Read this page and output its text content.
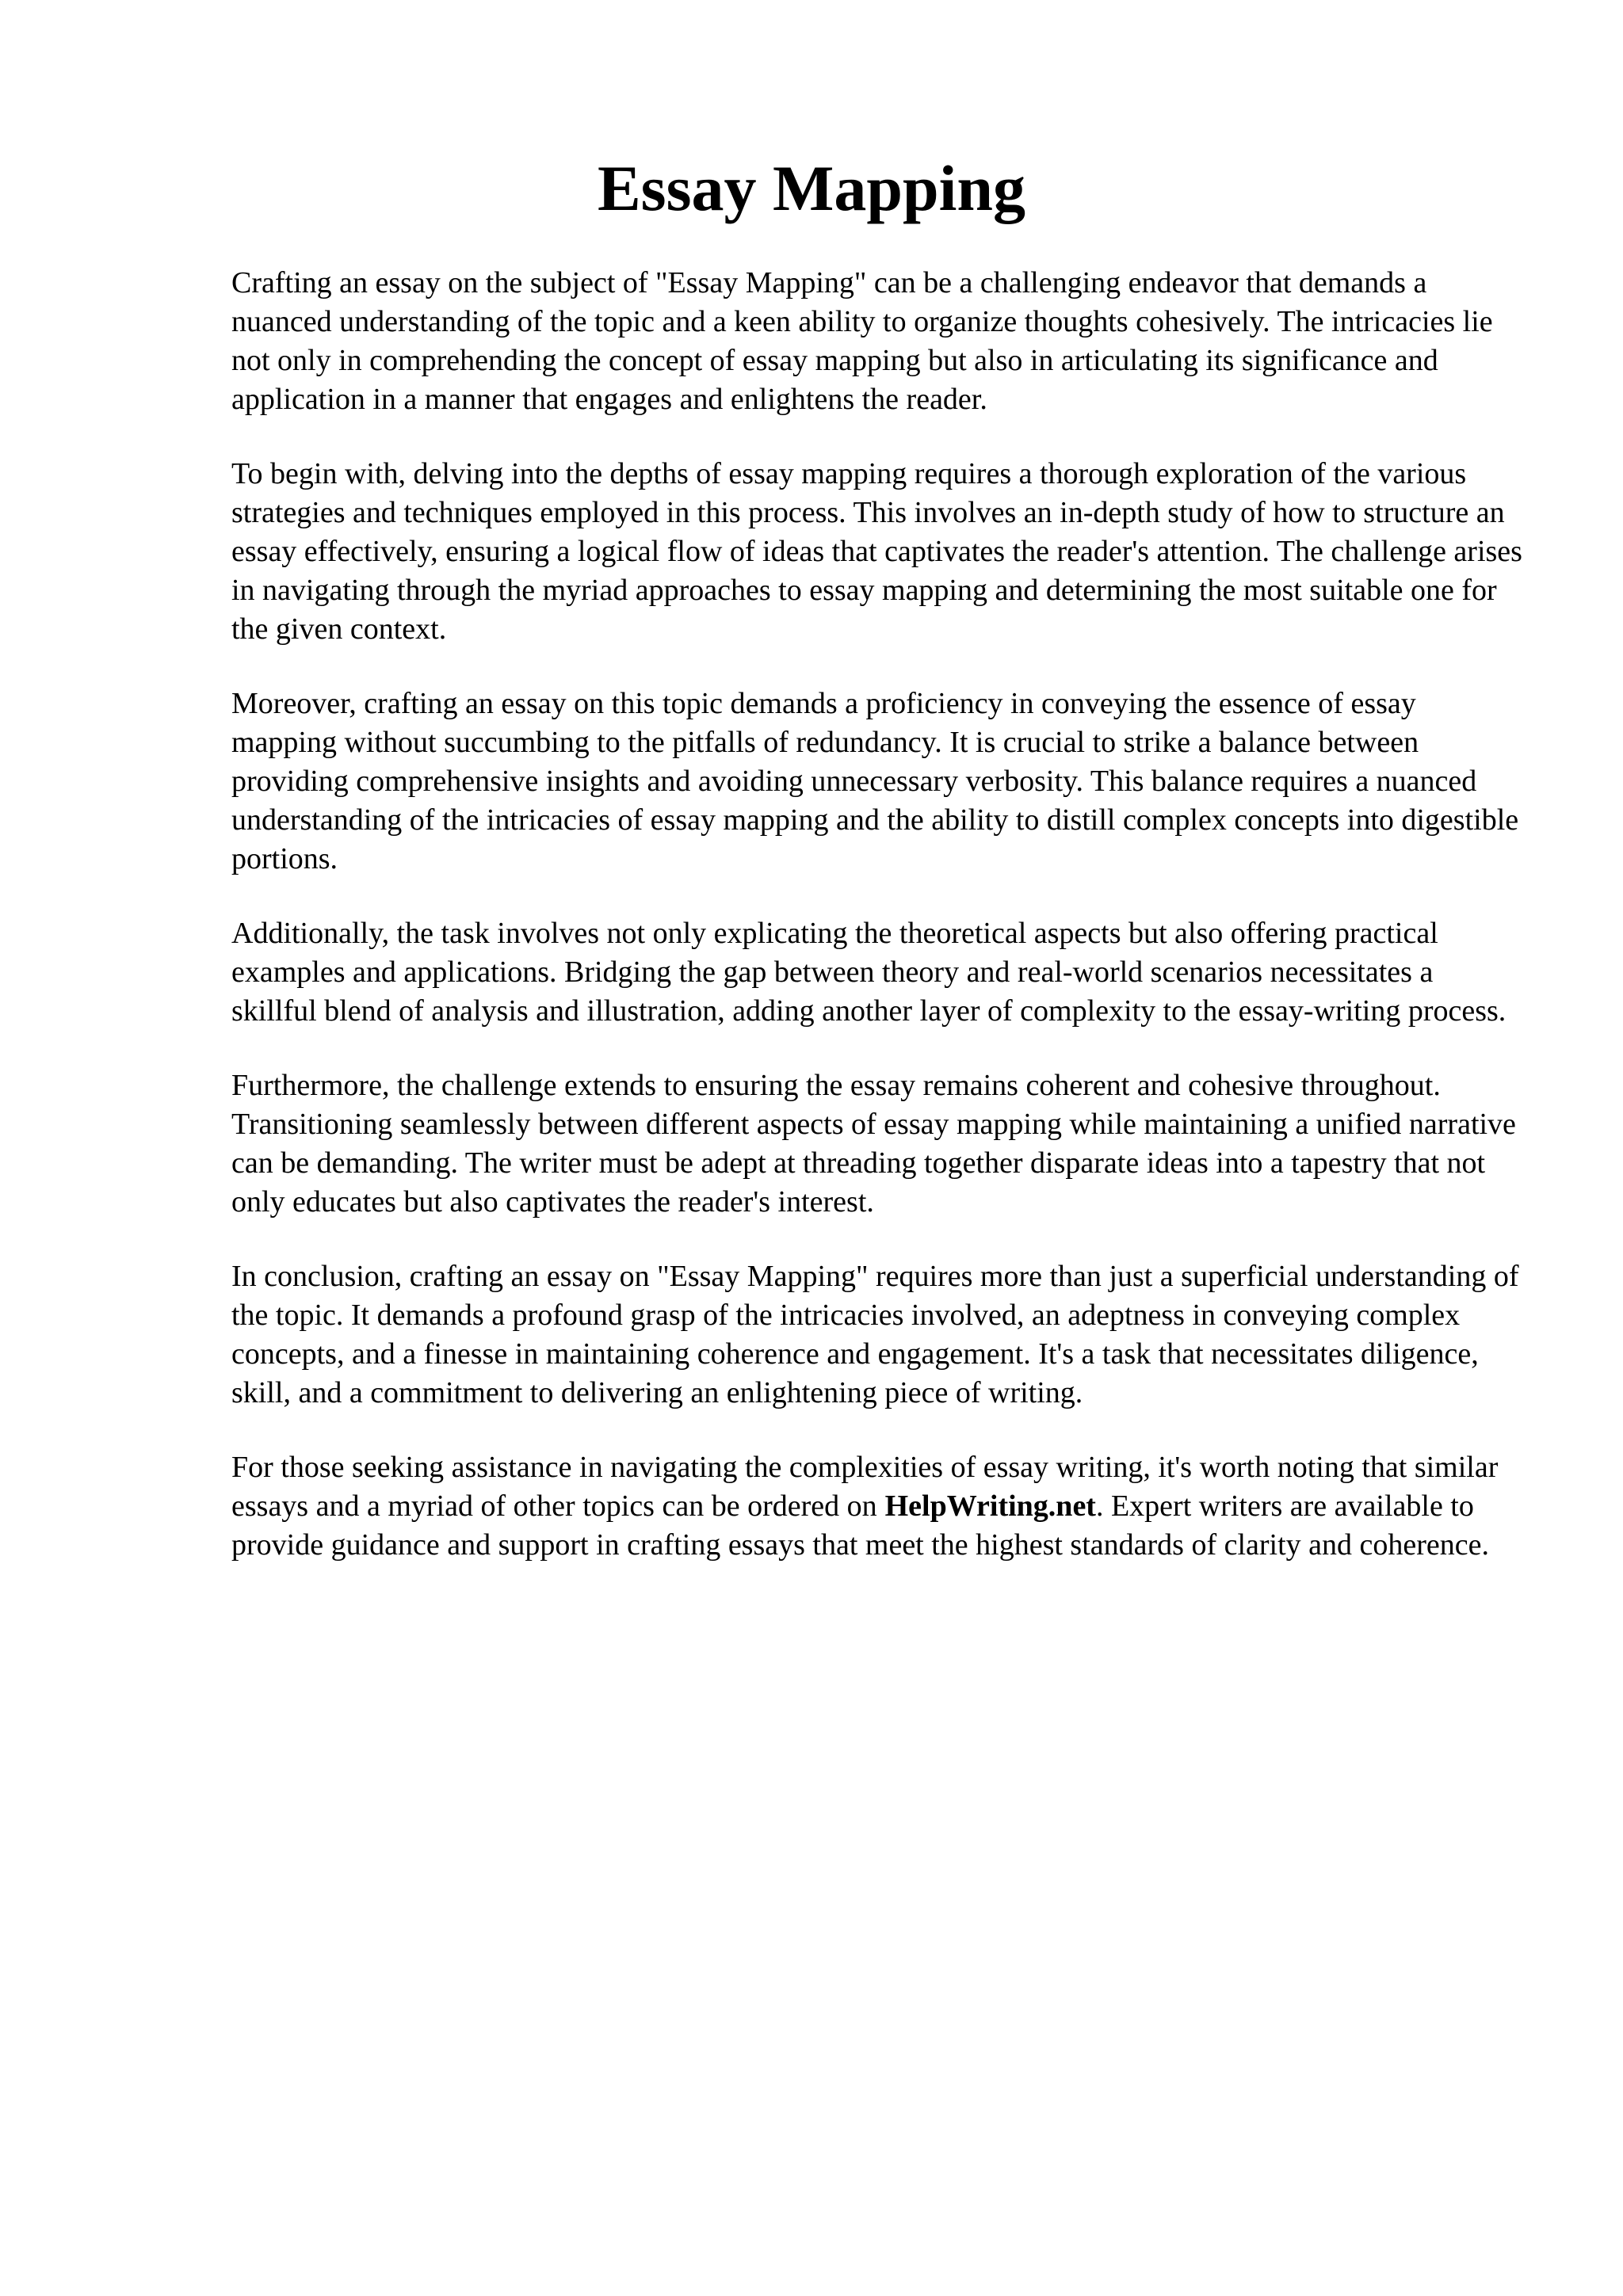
Essay Mapping

Crafting an essay on the subject of "Essay Mapping" can be a challenging endeavor that demands a nuanced understanding of the topic and a keen ability to organize thoughts cohesively. The intricacies lie not only in comprehending the concept of essay mapping but also in articulating its significance and application in a manner that engages and enlightens the reader.

To begin with, delving into the depths of essay mapping requires a thorough exploration of the various strategies and techniques employed in this process. This involves an in-depth study of how to structure an essay effectively, ensuring a logical flow of ideas that captivates the reader's attention. The challenge arises in navigating through the myriad approaches to essay mapping and determining the most suitable one for the given context.

Moreover, crafting an essay on this topic demands a proficiency in conveying the essence of essay mapping without succumbing to the pitfalls of redundancy. It is crucial to strike a balance between providing comprehensive insights and avoiding unnecessary verbosity. This balance requires a nuanced understanding of the intricacies of essay mapping and the ability to distill complex concepts into digestible portions.

Additionally, the task involves not only explicating the theoretical aspects but also offering practical examples and applications. Bridging the gap between theory and real-world scenarios necessitates a skillful blend of analysis and illustration, adding another layer of complexity to the essay-writing process.

Furthermore, the challenge extends to ensuring the essay remains coherent and cohesive throughout. Transitioning seamlessly between different aspects of essay mapping while maintaining a unified narrative can be demanding. The writer must be adept at threading together disparate ideas into a tapestry that not only educates but also captivates the reader's interest.

In conclusion, crafting an essay on "Essay Mapping" requires more than just a superficial understanding of the topic. It demands a profound grasp of the intricacies involved, an adeptness in conveying complex concepts, and a finesse in maintaining coherence and engagement. It's a task that necessitates diligence, skill, and a commitment to delivering an enlightening piece of writing.

For those seeking assistance in navigating the complexities of essay writing, it's worth noting that similar essays and a myriad of other topics can be ordered on HelpWriting.net. Expert writers are available to provide guidance and support in crafting essays that meet the highest standards of clarity and coherence.
